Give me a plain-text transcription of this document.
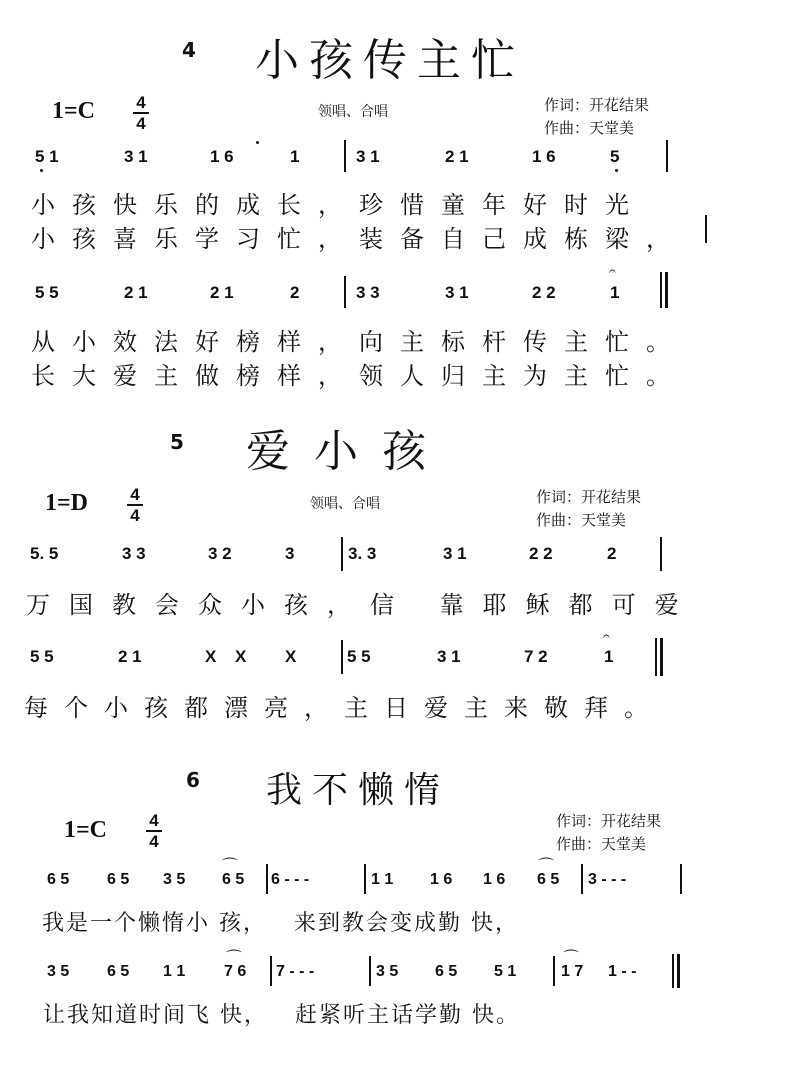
4 小孩传主忙
1=C 4
4
领唱、合唱	作词：开花结果
作曲：天堂美
5 1	3 1	1 6	1	3 1	2 1	1 6	5
小孩快乐的成长，珍惜童年好时光
小孩喜乐学习忙，装备自己成栋梁，
5 5	2 1	2 1	2	3 3	3 1	2 2	1
𝄐
从小效法好榜样，向主标杆传主忙。
长大爱主做榜样，领人归主为主忙。
5 爱小孩
1=D 4
4
领唱、合唱	作词：开花结果
作曲：天堂美
5. 5	3 3	3 2	3	3. 3	3 1	2 2	2
万国教会众小孩，信 靠耶稣都可爱
5 5	2 1	X X X	5 5	3 1	7 2	1
𝄐
每个小孩都漂亮，主日爱主来敬拜。
6 我不懒惰
1=C 4
4
作词：开花结果
作曲：天堂美
6 5 6 5 3 5 6 5
⌒
6 - - -	1 1 1 6 1 6 6 5
⌒
3 - - -
我是一个懒惰小 孩，   来到教会变成勤 快，
3 5 6 5 1 1 7 6
⌒
7 - - -	3 5 6 5 5 1	1 7
⌒
1 - -
让我知道时间飞 快，   赶紧听主话学勤 快。
